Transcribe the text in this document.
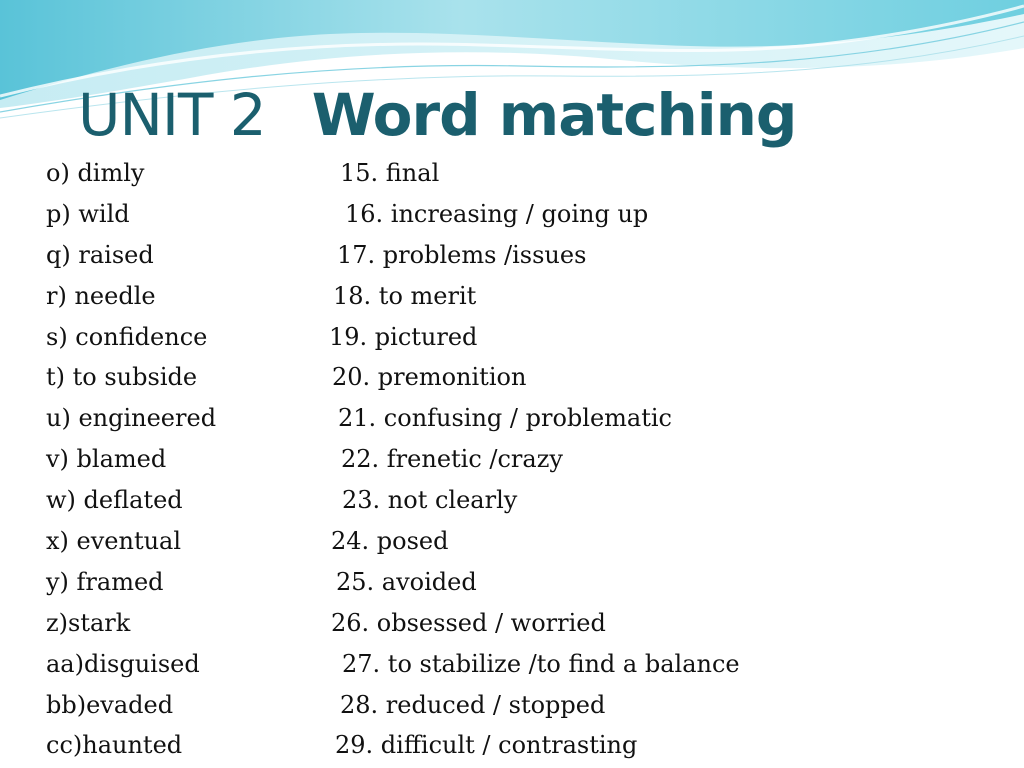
UNIT 2 Word matching
o) dimly	15. final
p) wild	16. increasing / going up
q) raised	17. problems /issues
r) needle	18. to merit
s) confidence	19. pictured
t) to subside	20. premonition
u) engineered	21. confusing / problematic
v) blamed	22. frenetic /crazy
w) deflated	23. not clearly
x) eventual	24. posed
y) framed	25. avoided
z)stark	26. obsessed / worried
aa)disguised	27. to stabilize /to find a balance
bb)evaded	28. reduced / stopped
cc)haunted	29. difficult / contrasting
